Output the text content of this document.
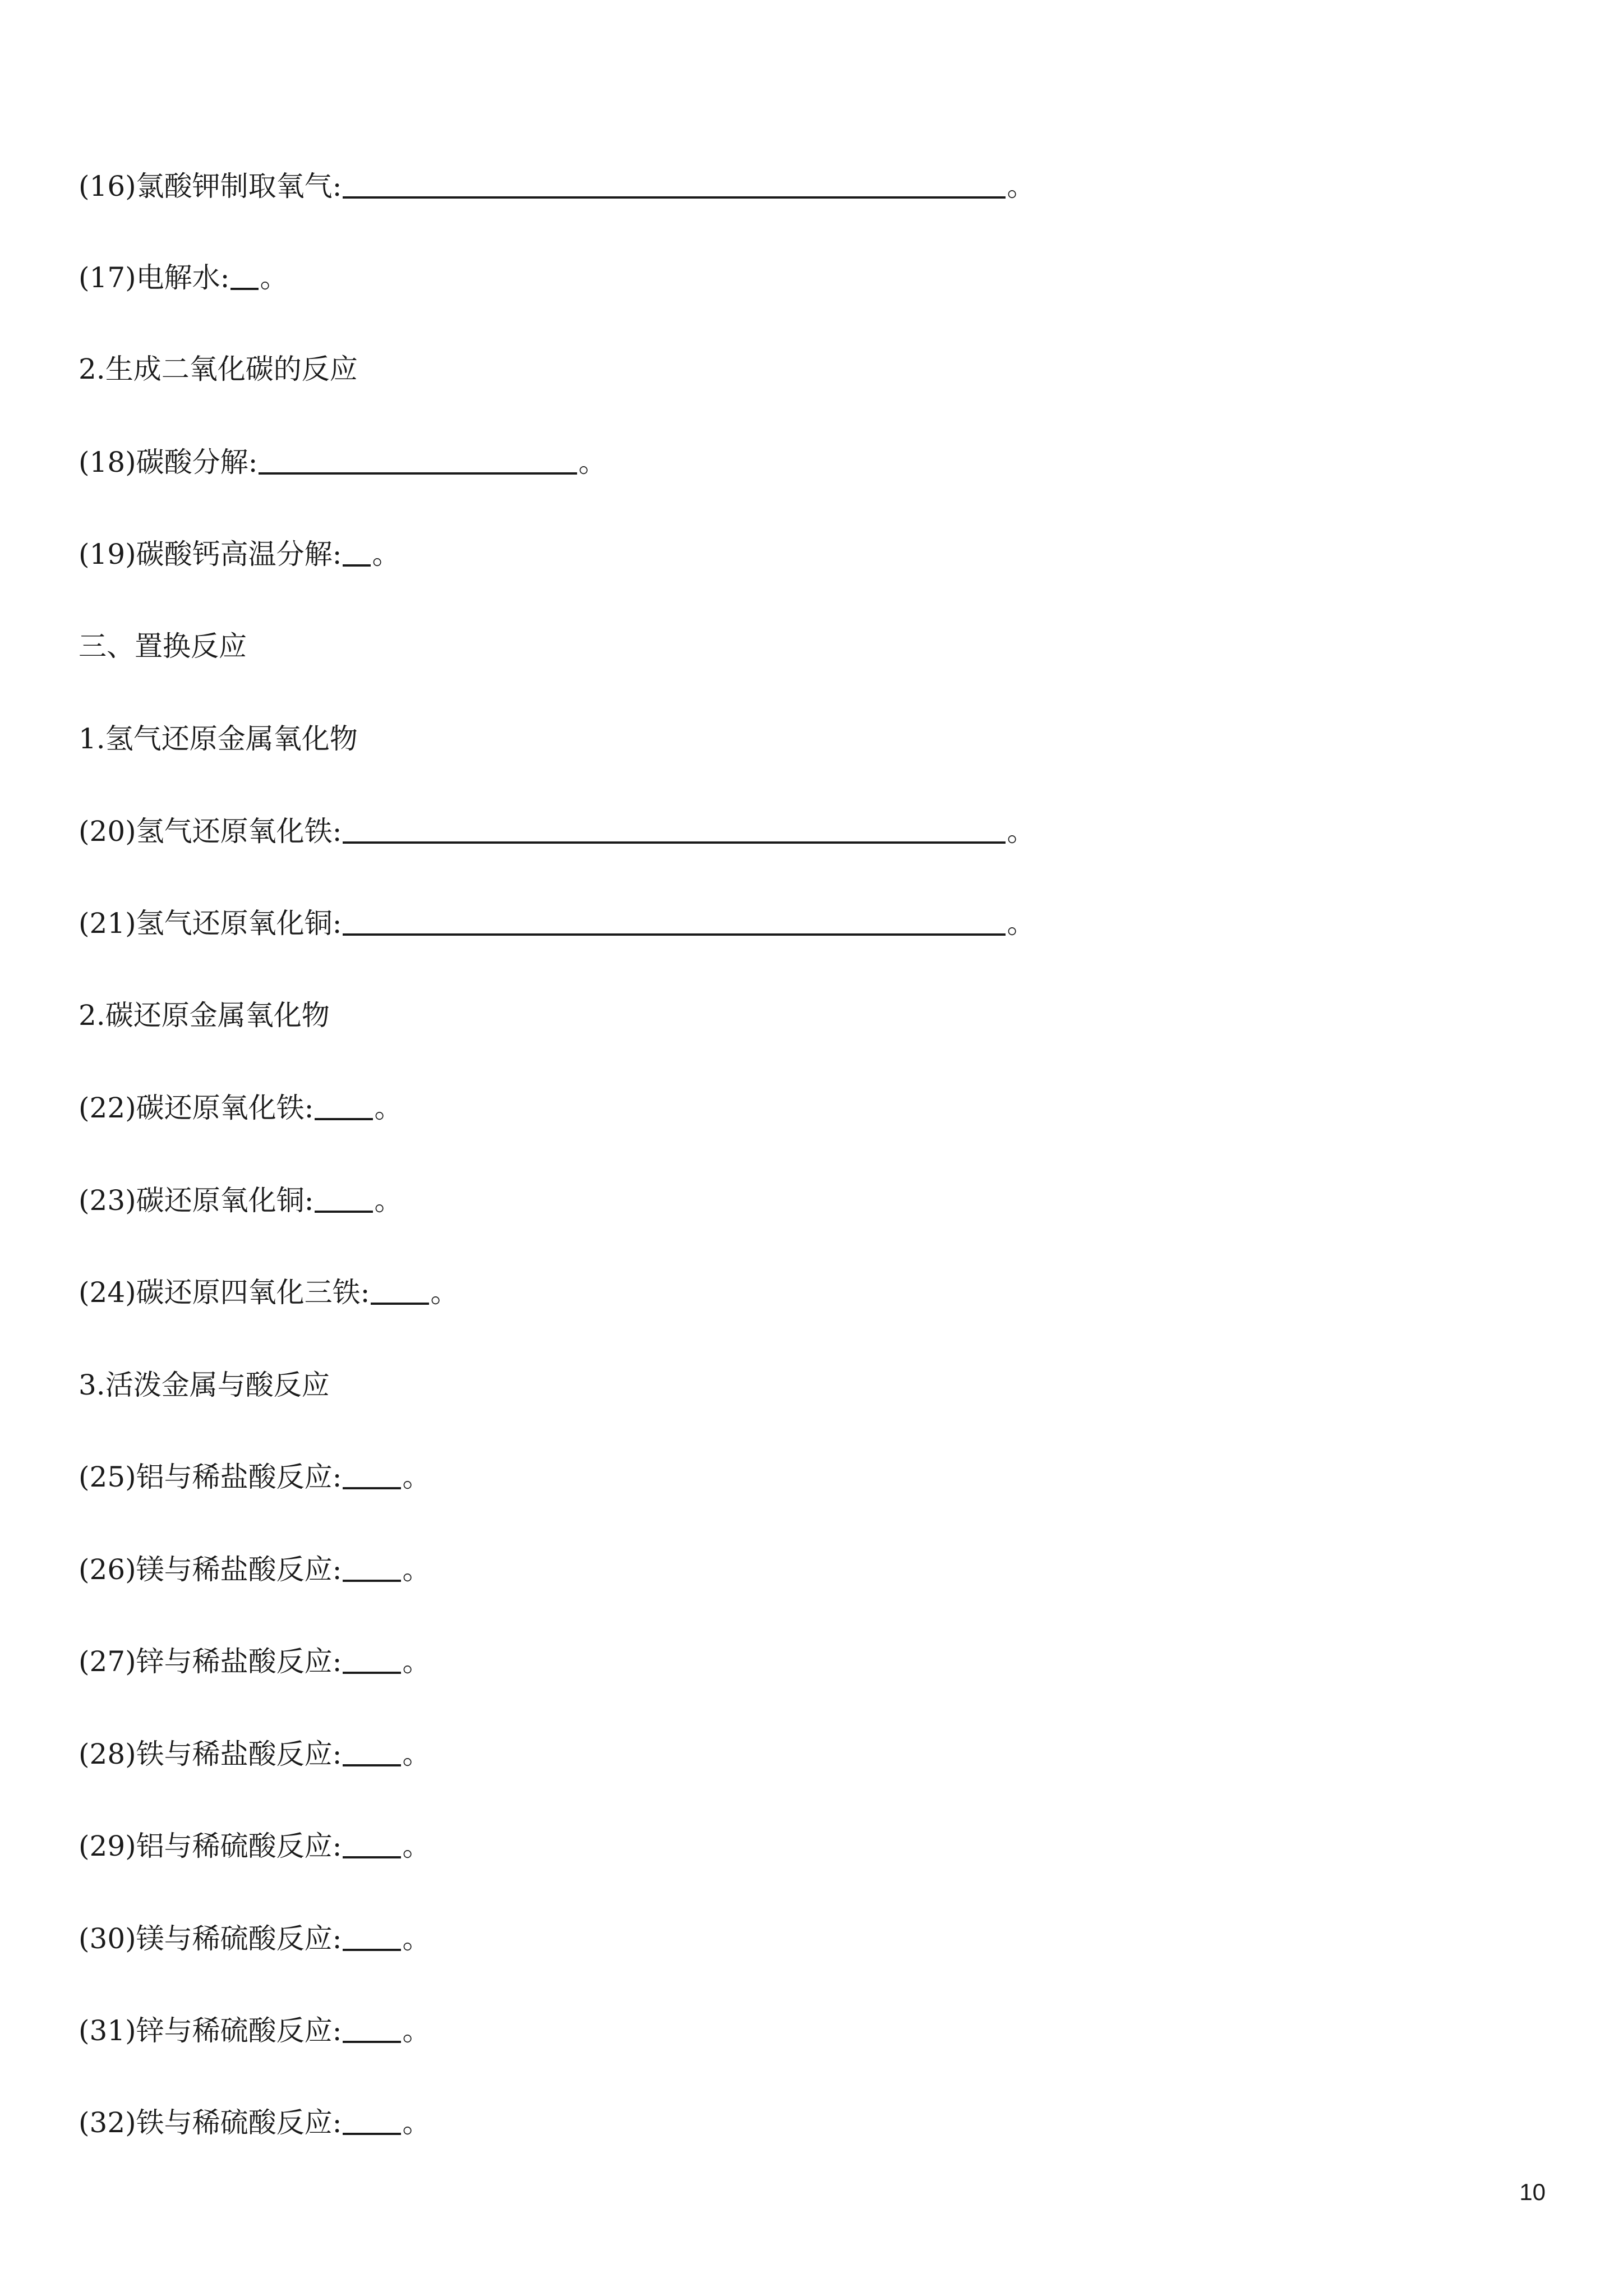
(16)氯酸钾制取氧气:	。
(17)电解水: 。
2.生成二氧化碳的反应
(18)碳酸分解:	。
(19)碳酸钙高温分解: 。
三、置换反应
1.氢气还原金属氧化物
(20)氢气还原氧化铁:	。
(21)氢气还原氧化铜:	。
2.碳还原金属氧化物
(22)碳还原氧化铁: 。
(23)碳还原氧化铜: 。
(24)碳还原四氧化三铁: 。
3.活泼金属与酸反应
(25)铝与稀盐酸反应: 。
(26)镁与稀盐酸反应: 。
(27)锌与稀盐酸反应: 。
(28)铁与稀盐酸反应: 。
(29)铝与稀硫酸反应: 。
(30)镁与稀硫酸反应: 。
(31)锌与稀硫酸反应: 。
(32)铁与稀硫酸反应: 。
10
